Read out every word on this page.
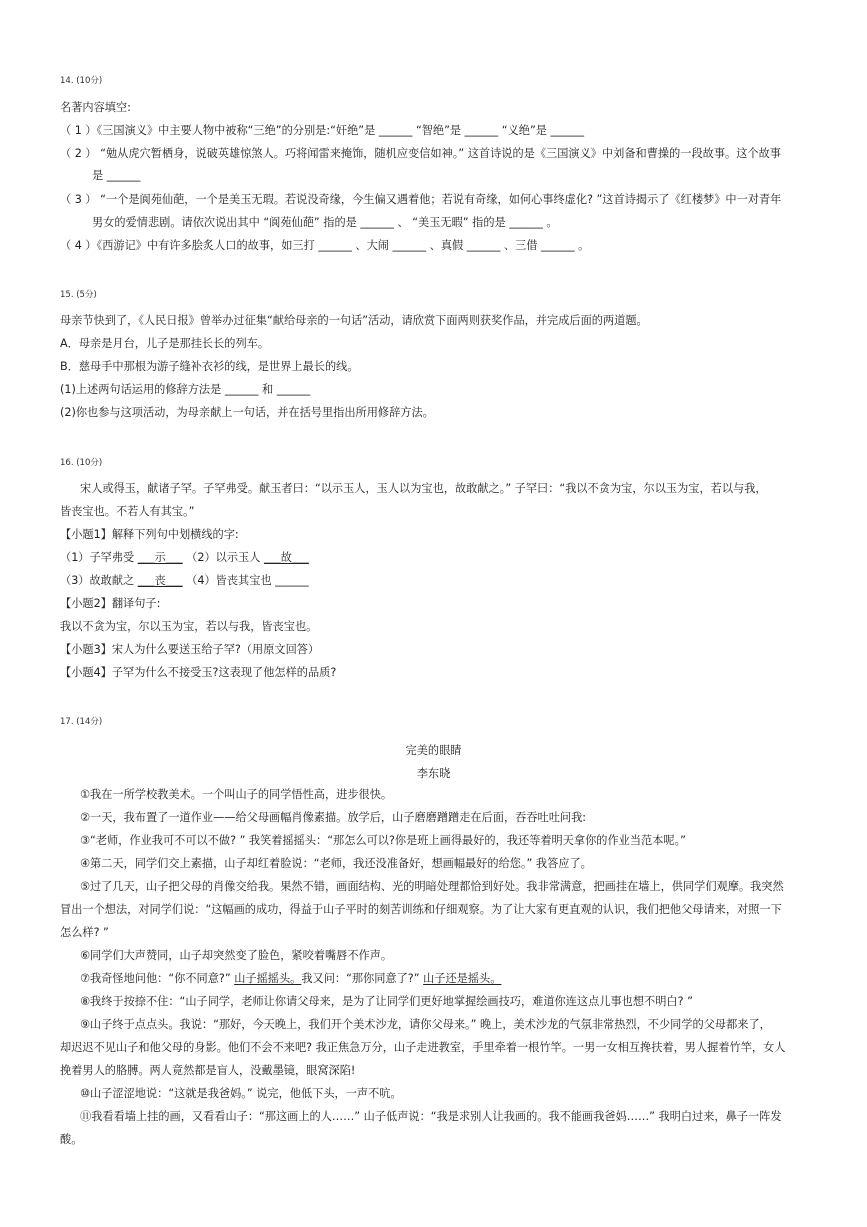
14. (10分)
名著内容填空:
（ 1 ）《三国演义》中主要人物中被称“三绝”的分别是:“奸绝”是 ______ “智绝”是 ______ “义绝”是 ______
（ 2 ） “勉从虎穴暂栖身，说破英雄惊煞人。巧将闻雷来掩饰，随机应变信如神。” 这首诗说的是《三国演义》中刘备和曹操的一段故事。这个故事
是 ______
（ 3 ） “一个是阆苑仙葩，一个是美玉无瑕。若说没奇缘，今生偏又遇着他；若说有奇缘，如何心事终虚化? ”这首诗揭示了《红楼梦》中一对青年
男女的爱情悲剧。请依次说出其中 “阆苑仙葩” 指的是 ______ 、 “美玉无暇” 指的是 ______ 。
（ 4 ）《西游记》中有许多脍炙人口的故事，如三打 ______ 、大闹 ______ 、真假 ______ 、三借 ______ 。
15. (5分)
母亲节快到了，《人民日报》曾举办过征集“献给母亲的一句话”活动，请欣赏下面两则获奖作品，并完成后面的两道题。
A．母亲是月台，儿子是那挂长长的列车。
B．慈母手中那根为游子缝补衣衫的线，是世界上最长的线。
(1)上述两句话运用的修辞方法是 ______ 和 ______
(2)你也参与这项活动，为母亲献上一句话，并在括号里指出所用修辞方法。
16. (10分)
宋人或得玉，献诸子罕。子罕弗受。献玉者曰：“以示玉人，玉人以为宝也，故敢献之。” 子罕曰：“我以不贪为宝，尔以玉为宝，若以与我，
皆丧宝也。不若人有其宝。”
【小题1】解释下列句中划横线的字:
（1）子罕弗受 ___示___ （2）以示玉人 ___故___
（3）故敢献之 ___丧___ （4）皆丧其宝也 ______
【小题2】翻译句子:
我以不贪为宝，尔以玉为宝，若以与我，皆丧宝也。
【小题3】宋人为什么要送玉给子罕?（用原文回答）
【小题4】子罕为什么不接受玉?这表现了他怎样的品质?
17. (14分)
完美的眼睛
李东晓
①我在一所学校教美术。一个叫山子的同学悟性高，进步很快。
②一天，我布置了一道作业——给父母画幅肖像素描。放学后，山子磨磨蹭蹭走在后面，吞吞吐吐问我:
③“老师，作业我可不可以不做? ” 我笑着摇摇头：“那怎么可以?你是班上画得最好的，我还等着明天拿你的作业当范本呢。”
④第二天，同学们交上素描，山子却红着脸说：“老师，我还没准备好，想画幅最好的给您。” 我答应了。
⑤过了几天，山子把父母的肖像交给我。果然不错，画面结构、光的明暗处理都恰到好处。我非常满意，把画挂在墙上，供同学们观摩。我突然
冒出一个想法，对同学们说：“这幅画的成功，得益于山子平时的刻苦训练和仔细观察。为了让大家有更直观的认识，我们把他父母请来，对照一下
怎么样? ”
⑥同学们大声赞同，山子却突然变了脸色，紧咬着嘴唇不作声。
⑦我奇怪地问他：“你不同意?” 山子摇摇头。我又问：“那你同意了?” 山子还是摇头。
⑧我终于按捺不住：“山子同学，老师让你请父母来，是为了让同学们更好地掌握绘画技巧，难道你连这点儿事也想不明白? ”
⑨山子终于点点头。我说：“那好，今天晚上，我们开个美术沙龙，请你父母来。” 晚上，美术沙龙的气氛非常热烈，不少同学的父母都来了，
却迟迟不见山子和他父母的身影。他们不会不来吧? 我正焦急万分，山子走进教室，手里牵着一根竹竿。一男一女相互搀扶着，男人握着竹竿，女人
挽着男人的胳膊。两人竟然都是盲人，没戴墨镜，眼窝深陷!
⑩山子涩涩地说：“这就是我爸妈。” 说完，他低下头，一声不吭。
⑪我看看墙上挂的画，又看看山子：“那这画上的人……” 山子低声说：“我是求别人让我画的。我不能画我爸妈……” 我明白过来，鼻子一阵发
酸。
